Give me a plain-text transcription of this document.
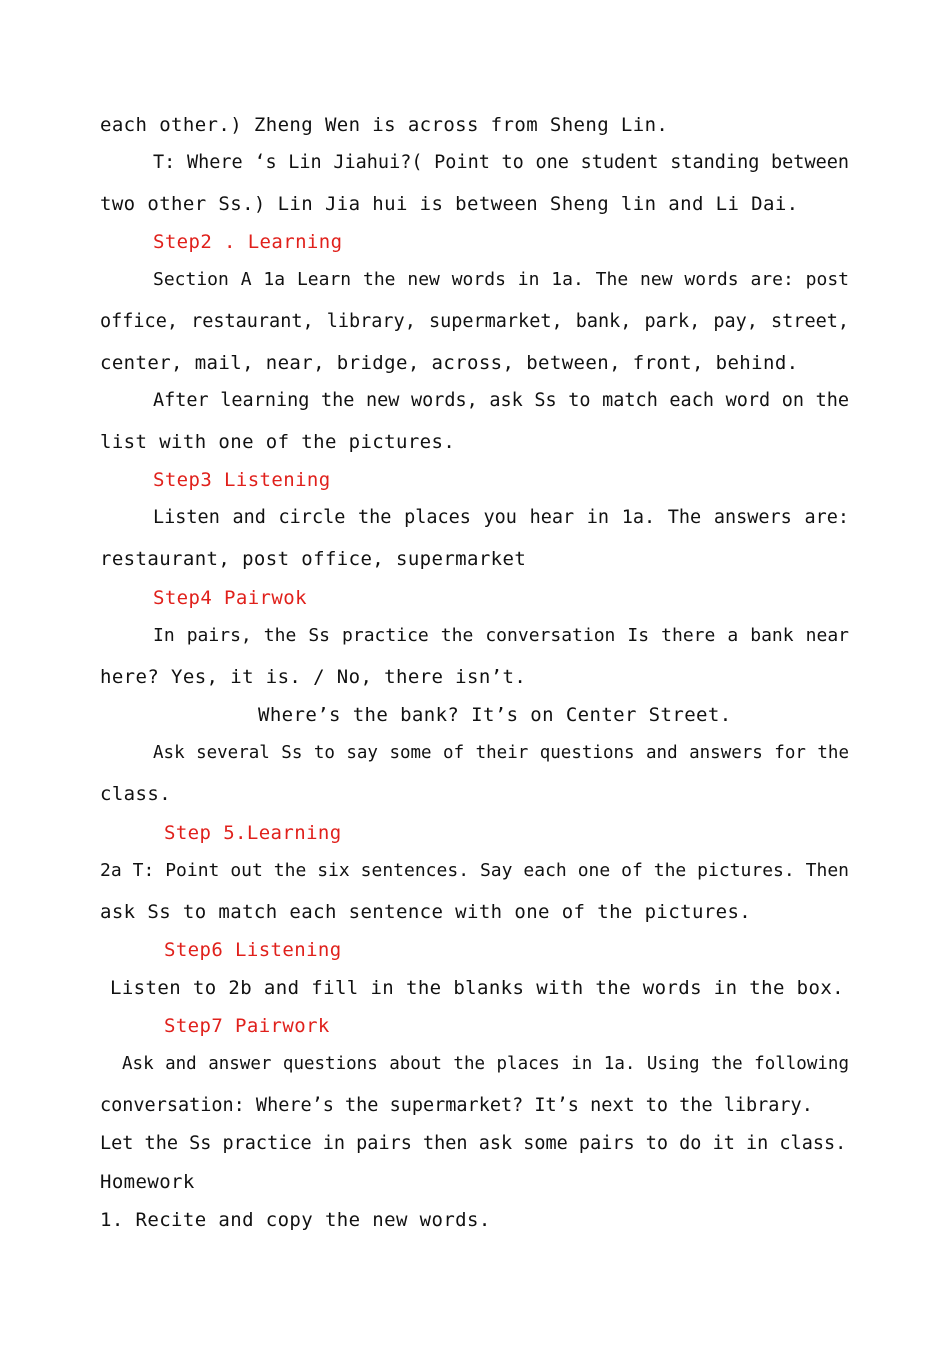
each other.) Zheng Wen is across from Sheng Lin.
T: Where ‘s Lin Jiahui?( Point to one student standing between
two other Ss.) Lin Jia hui is between Sheng lin and Li Dai.
Step2 . Learning
Section A 1a Learn the new words in 1a. The new words are: post
office, restaurant, library, supermarket, bank, park, pay, street,
center, mail, near, bridge, across, between, front, behind.
After learning the new words, ask Ss to match each word on the
list with one of the pictures.
Step3 Listening
Listen and circle the places you hear in 1a. The answers are:
restaurant, post office, supermarket
Step4 Pairwok
In pairs, the Ss practice the conversation Is there a bank near
here? Yes, it is. / No, there isn’t.
Where’s the bank? It’s on Center Street.
Ask several Ss to say some of their questions and answers for the
class.
Step 5.Learning
2a T: Point out the six sentences. Say each one of the pictures. Then
ask Ss to match each sentence with one of the pictures.
Step6 Listening
Listen to 2b and fill in the blanks with the words in the box.
Step7 Pairwork
Ask and answer questions about the places in 1a. Using the following
conversation: Where’s the supermarket? It’s next to the library.
Let the Ss practice in pairs then ask some pairs to do it in class.
Homework
1. Recite and copy the new words.
